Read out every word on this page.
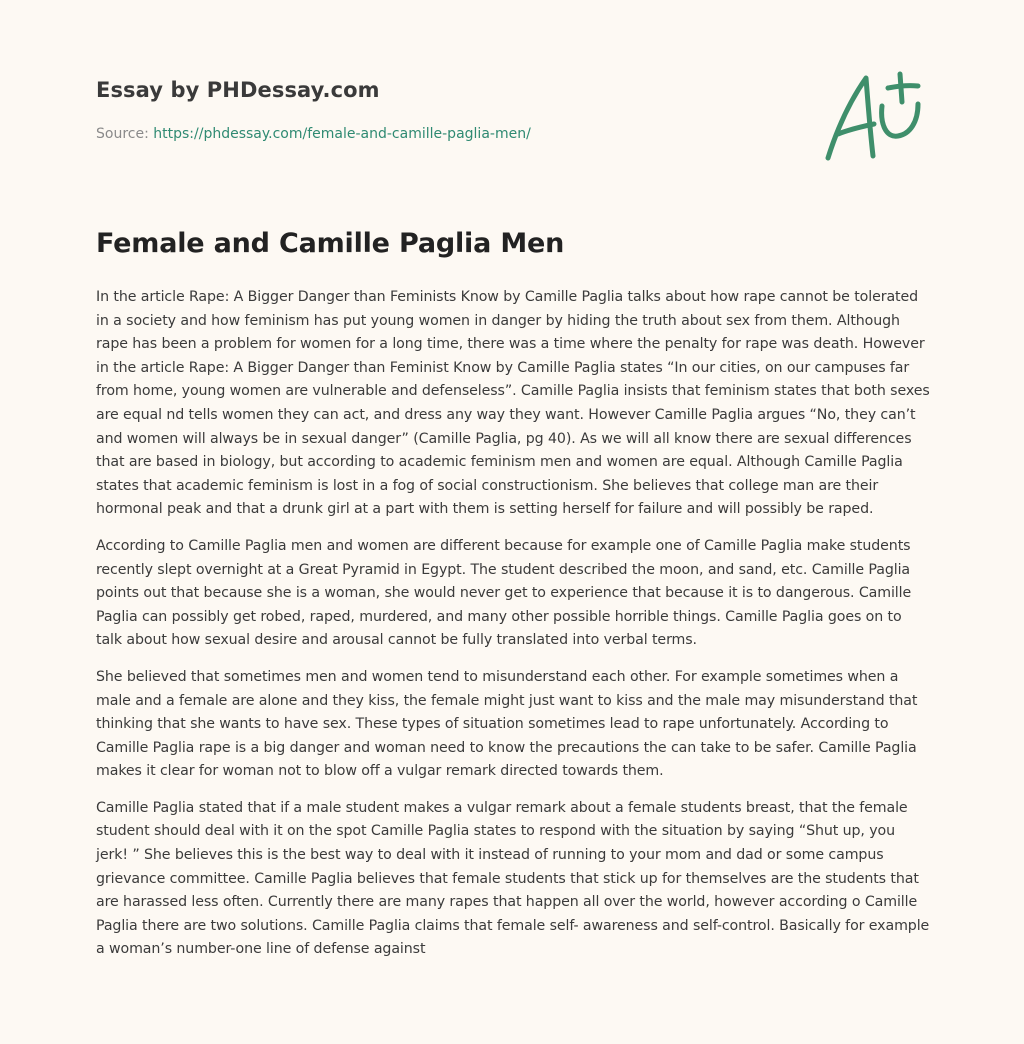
Essay by PHDessay.com
Source: https://phdessay.com/female-and-camille-paglia-men/
Female and Camille Paglia Men

In the article Rape: A Bigger Danger than Feminists Know by Camille Paglia talks about how rape cannot be tolerated in a society and how feminism has put young women in danger by hiding the truth about sex from them. Although rape has been a problem for women for a long time, there was a time where the penalty for rape was death. However in the article Rape: A Bigger Danger than Feminist Know by Camille Paglia states “In our cities, on our campuses far from home, young women are vulnerable and defenseless”. Camille Paglia insists that feminism states that both sexes are equal nd tells women they can act, and dress any way they want. However Camille Paglia argues “No, they can’t and women will always be in sexual danger” (Camille Paglia, pg 40). As we will all know there are sexual differences that are based in biology, but according to academic feminism men and women are equal. Although Camille Paglia states that academic feminism is lost in a fog of social constructionism. She believes that college man are their hormonal peak and that a drunk girl at a part with them is setting herself for failure and will possibly be raped.

According to Camille Paglia men and women are different because for example one of Camille Paglia make students recently slept overnight at a Great Pyramid in Egypt. The student described the moon, and sand, etc. Camille Paglia points out that because she is a woman, she would never get to experience that because it is to dangerous. Camille Paglia can possibly get robed, raped, murdered, and many other possible horrible things. Camille Paglia goes on to talk about how sexual desire and arousal cannot be fully translated into verbal terms.

She believed that sometimes men and women tend to misunderstand each other. For example sometimes when a male and a female are alone and they kiss, the female might just want to kiss and the male may misunderstand that thinking that she wants to have sex. These types of situation sometimes lead to rape unfortunately. According to Camille Paglia rape is a big danger and woman need to know the precautions the can take to be safer. Camille Paglia makes it clear for woman not to blow off a vulgar remark directed towards them.

Camille Paglia stated that if a male student makes a vulgar remark about a female students breast, that the female student should deal with it on the spot Camille Paglia states to respond with the situation by saying “Shut up, you jerk! ” She believes this is the best way to deal with it instead of running to your mom and dad or some campus grievance committee. Camille Paglia believes that female students that stick up for themselves are the students that are harassed less often. Currently there are many rapes that happen all over the world, however according o Camille Paglia there are two solutions. Camille Paglia claims that female self- awareness and self-control. Basically for example a woman’s number-one line of defense against
